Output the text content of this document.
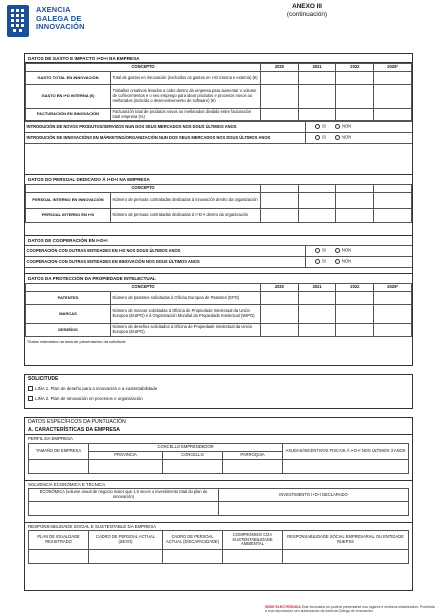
AXENCIA
GALEGA DE
INNOVACIÓN
ANEXO III
(continuación)
DATOS DE GASTO E IMPACTO I+D+I NA EMPRESA
CONCEPTO		2020	2021	2022	2025*
GASTO TOTAL EN INNOVACIÓN	Total de gastos en innovación (excluídos os gastos en I+D interna e externa) (€)				
GASTO EN I+D INTERNA (€)	Traballos creativos levados a cabo dentro da empresa para aumentar o volume de coñecementos e o seu emprego para idear produtos e procesos novos ou mellorados (incluído o desenvolvemento de software) (€)				
FACTURACIÓN EN INNOVACIÓN	Facturación total de produtos novos ou mellorados dividido entre facturación total empresa (%)				
INTRODUCIÓN DE NOVOS PRODUTOS/SERVIZOS NUN DOS SEUS MERCADOS NOS DOUS ÚLTIMOS ANOS	SI NON
INTRODUCIÓN DE INNOVACIÓNS EN MÁRKETING/ORGANIZACIÓN NUN DOS SEUS MERCADOS NOS DOUS ÚLTIMOS ANOS	SI NON
DATOS DO PERSOAL DEDICADO Á I+D+I NA EMPRESA
CONCEPTO				
PERSOAL INTERNO EN INNOVACIÓN	Número de persoas contratadas dedicadas á innovación dentro da organización				
PERSOAL INTERNO EN I+D	Número de persoas contratadas dedicadas á I+D+I dentro da organización				
DATOS DE COOPERACIÓN EN I+D+I
COOPERACIÓN CON OUTRAS ENTIDADES EN I+D NOS DOUS ÚLTIMOS ANOS	SI NON
COOPERACIÓN CON OUTRAS ENTIDADES EN INNOVACIÓN NOS DOUS ÚLTIMOS ANOS	SI NON
DATOS DA PROTECCIÓN DA PROPIEDADE INTELECTUAL
CONCEPTO		2020	2021	2022	2025*
PATENTES	Número de patentes solicitadas á Oficina Europea de Patentes (EPO)				
MARCAS	Número de marcas solicitadas á Oficina de Propiedade Intelectual da Unión Europea (EUIPO) e á Organización Mundial da Propiedade Intelectual (WIPO)				
DESEÑOS	Número de deseños solicitados á Oficina de Propiedade Intelectual da Unión Europea (EUIPO)				
*Datos estimados na data de presentación da solicitude
SOLICITUDE
LIÑA 1. Plan de deseño para a innovación e a sustentabilidade
LIÑA 2. Plan de innovación en procesos e organización
DATOS ESPECÍFICOS DA PUNTUACIÓN
A. CARACTERÍSTICAS DA EMPRESA
PERFIL DA EMPRESA
TAMAÑO DE EMPRESA	CONCELLO EMPRENDEDOR			AXUDAS/INCENTIVOS FISCAIS Á I+D+I NOS ÚLTIMOS 3 ANOS
	PROVINCIA	CONCELLO	PARROQUIA	

SOLVENCIA ECONÓMICA E TÉCNICA
ECONÓMICA (volume anual de negocio maior que 1,5 veces o investimento total do plan de innovación)	INVESTIMENTO I+D+I DECLARADO

RESPONSABILIDADE SOCIAL E SUSTENTABLE DA EMPRESA
PLAN DE IGUALDADE REXISTRADO	CADRO DE PERSOAL ACTUAL (SEXO)	CADRO DE PERSOAL ACTUAL (DISCAPACIDADE)	COMPROMISO COA SUSTENTABILIDADE AMBIENTAL	RESPONSABILIDADE SOCIAL EMPRESARIAL OU ENTIDADE RUEPSS

SEDE ELECTRÓNICA Este formulario só poderá presentarse nos lugares e rexistros establecidos. Prohibida a súa reprodución sen autorización da Axencia Galega de Innovación.
